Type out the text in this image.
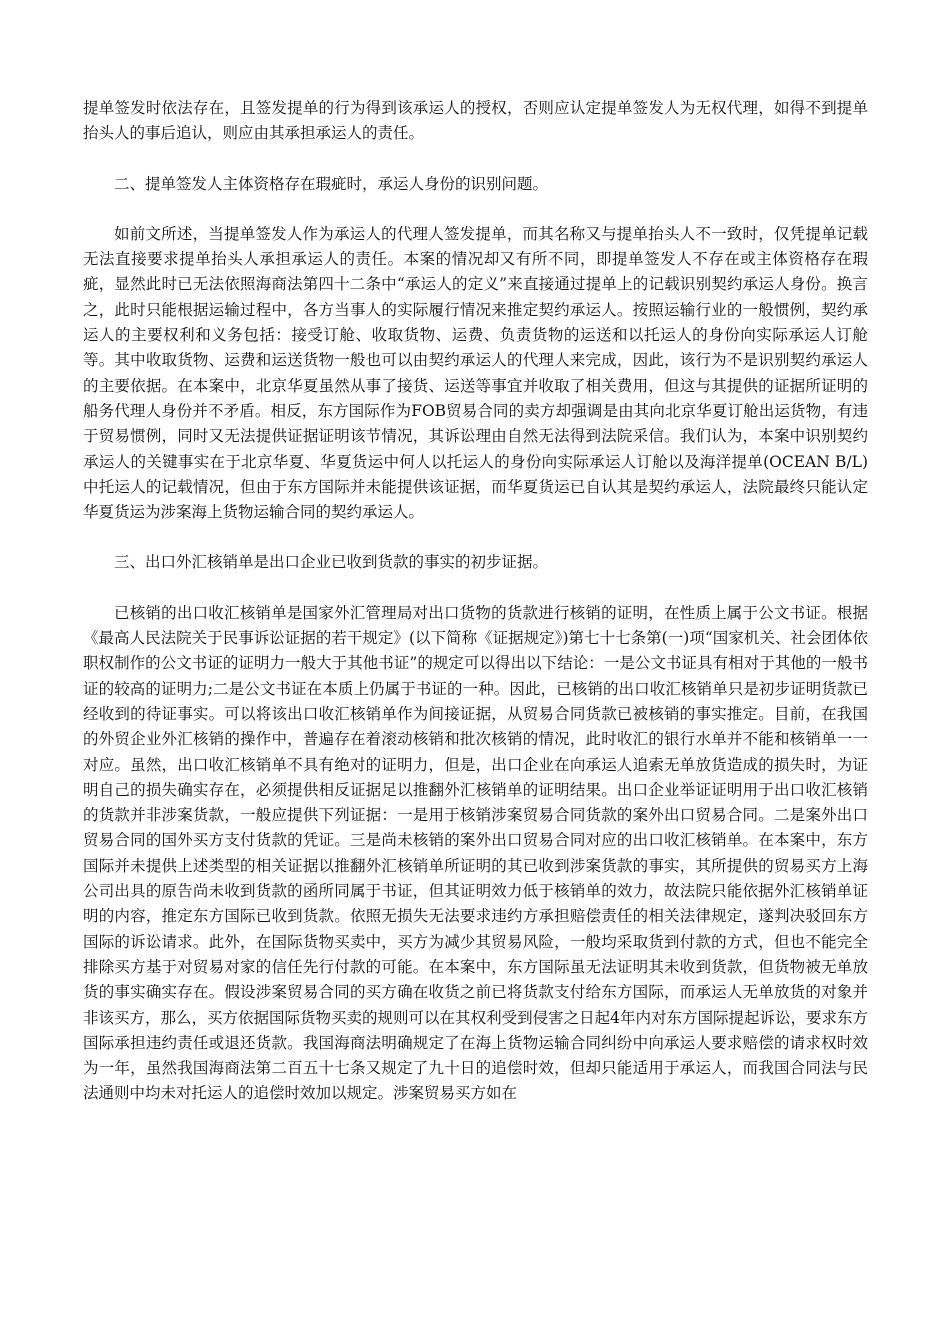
提单签发时依法存在，且签发提单的行为得到该承运人的授权，否则应认定提单签发人为无权代理，如得不到提单抬头人的事后追认，则应由其承担承运人的责任。

二、提单签发人主体资格存在瑕疵时，承运人身份的识别问题。

如前文所述，当提单签发人作为承运人的代理人签发提单，而其名称又与提单抬头人不一致时，仅凭提单记载无法直接要求提单抬头人承担承运人的责任。本案的情况却又有所不同，即提单签发人不存在或主体资格存在瑕疵，显然此时已无法依照海商法第四十二条中“承运人的定义”来直接通过提单上的记载识别契约承运人身份。换言之，此时只能根据运输过程中，各方当事人的实际履行情况来推定契约承运人。按照运输行业的一般惯例，契约承运人的主要权利和义务包括：接受订舱、收取货物、运费、负责货物的运送和以托运人的身份向实际承运人订舱等。其中收取货物、运费和运送货物一般也可以由契约承运人的代理人来完成，因此，该行为不是识别契约承运人的主要依据。在本案中，北京华夏虽然从事了接货、运送等事宜并收取了相关费用，但这与其提供的证据所证明的船务代理人身份并不矛盾。相反，东方国际作为FOB贸易合同的卖方却强调是由其向北京华夏订舱出运货物，有违于贸易惯例，同时又无法提供证据证明该节情况，其诉讼理由自然无法得到法院采信。我们认为，本案中识别契约承运人的关键事实在于北京华夏、华夏货运中何人以托运人的身份向实际承运人订舱以及海洋提单(OCEAN B/L)中托运人的记载情况，但由于东方国际并未能提供该证据，而华夏货运已自认其是契约承运人，法院最终只能认定华夏货运为涉案海上货物运输合同的契约承运人。

三、出口外汇核销单是出口企业已收到货款的事实的初步证据。

已核销的出口收汇核销单是国家外汇管理局对出口货物的货款进行核销的证明，在性质上属于公文书证。根据《最高人民法院关于民事诉讼证据的若干规定》(以下简称《证据规定》)第七十七条第(一)项“国家机关、社会团体依职权制作的公文书证的证明力一般大于其他书证”的规定可以得出以下结论：一是公文书证具有相对于其他的一般书证的较高的证明力;二是公文书证在本质上仍属于书证的一种。因此，已核销的出口收汇核销单只是初步证明货款已经收到的待证事实。可以将该出口收汇核销单作为间接证据，从贸易合同货款已被核销的事实推定。目前，在我国的外贸企业外汇核销的操作中，普遍存在着滚动核销和批次核销的情况，此时收汇的银行水单并不能和核销单一一对应。虽然，出口收汇核销单不具有绝对的证明力，但是，出口企业在向承运人追索无单放货造成的损失时，为证明自己的损失确实存在，必须提供相反证据足以推翻外汇核销单的证明结果。出口企业举证证明用于出口收汇核销的货款并非涉案货款，一般应提供下列证据：一是用于核销涉案贸易合同货款的案外出口贸易合同。二是案外出口贸易合同的国外买方支付货款的凭证。三是尚未核销的案外出口贸易合同对应的出口收汇核销单。在本案中，东方国际并未提供上述类型的相关证据以推翻外汇核销单所证明的其已收到涉案货款的事实，其所提供的贸易买方上海公司出具的原告尚未收到货款的函所同属于书证，但其证明效力低于核销单的效力，故法院只能依据外汇核销单证明的内容，推定东方国际已收到货款。依照无损失无法要求违约方承担赔偿责任的相关法律规定，遂判决驳回东方国际的诉讼请求。此外，在国际货物买卖中，买方为减少其贸易风险，一般均采取货到付款的方式，但也不能完全排除买方基于对贸易对家的信任先行付款的可能。在本案中，东方国际虽无法证明其未收到货款，但货物被无单放货的事实确实存在。假设涉案贸易合同的买方确在收货之前已将货款支付给东方国际，而承运人无单放货的对象并非该买方，那么，买方依据国际货物买卖的规则可以在其权利受到侵害之日起4年内对东方国际提起诉讼，要求东方国际承担违约责任或退还货款。我国海商法明确规定了在海上货物运输合同纠纷中向承运人要求赔偿的请求权时效为一年，虽然我国海商法第二百五十七条又规定了九十日的追偿时效，但却只能适用于承运人，而我国合同法与民法通则中均未对托运人的追偿时效加以规定。涉案贸易买方如在
